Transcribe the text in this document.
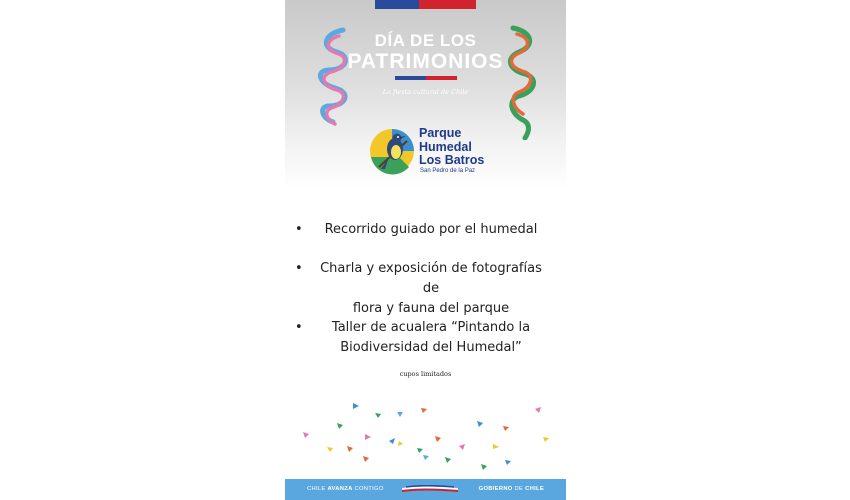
DÍA DE LOS
PATRIMONIOS
La fiesta cultural de Chile
Parque
Humedal
Los Batros
San Pedro de la Paz
•	Recorrido guiado por el humedal
•	Charla y exposición de fotografías de
flora y fauna del parque
•	Taller de acualera “Pintando la
Biodiversidad del Humedal”
cupos limitados
CHILE AVANZA CONTIGO	GOBIERNO DE CHILE
